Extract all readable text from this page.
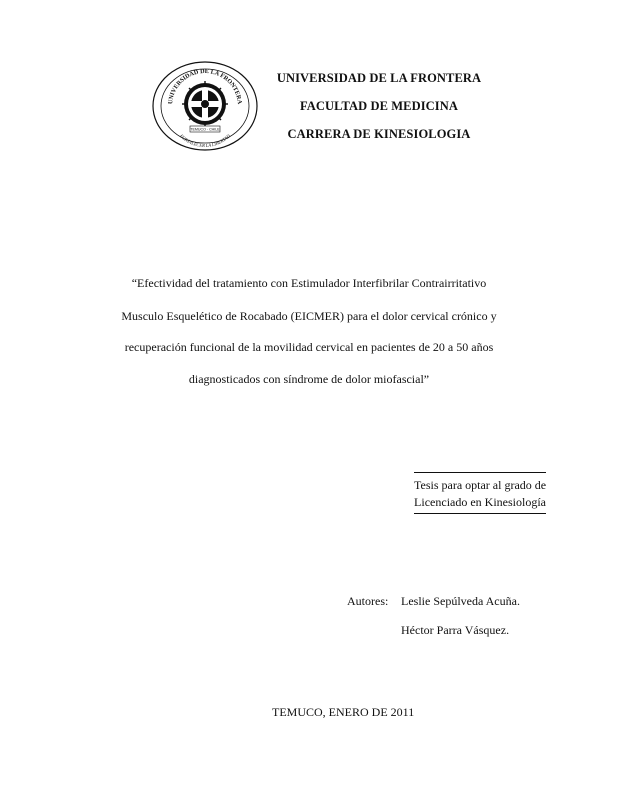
UNIVERSIDAD DE LA FRONTERA
FORTALECER LA LIBERTAD
TEMUCO - CHILE
UNIVERSIDAD DE LA FRONTERA
FACULTAD DE MEDICINA
CARRERA DE KINESIOLOGIA
“Efectividad del tratamiento con Estimulador Interfibrilar Contrairritativo
Musculo Esquelético de Rocabado (EICMER) para el dolor cervical crónico y
recuperación funcional de la movilidad cervical en pacientes de 20 a 50 años
diagnosticados con síndrome de dolor miofascial”
Tesis para optar al grado de
Licenciado en Kinesiología
Autores: Leslie Sepúlveda Acuña.
Héctor Parra Vásquez.
TEMUCO, ENERO DE 2011
